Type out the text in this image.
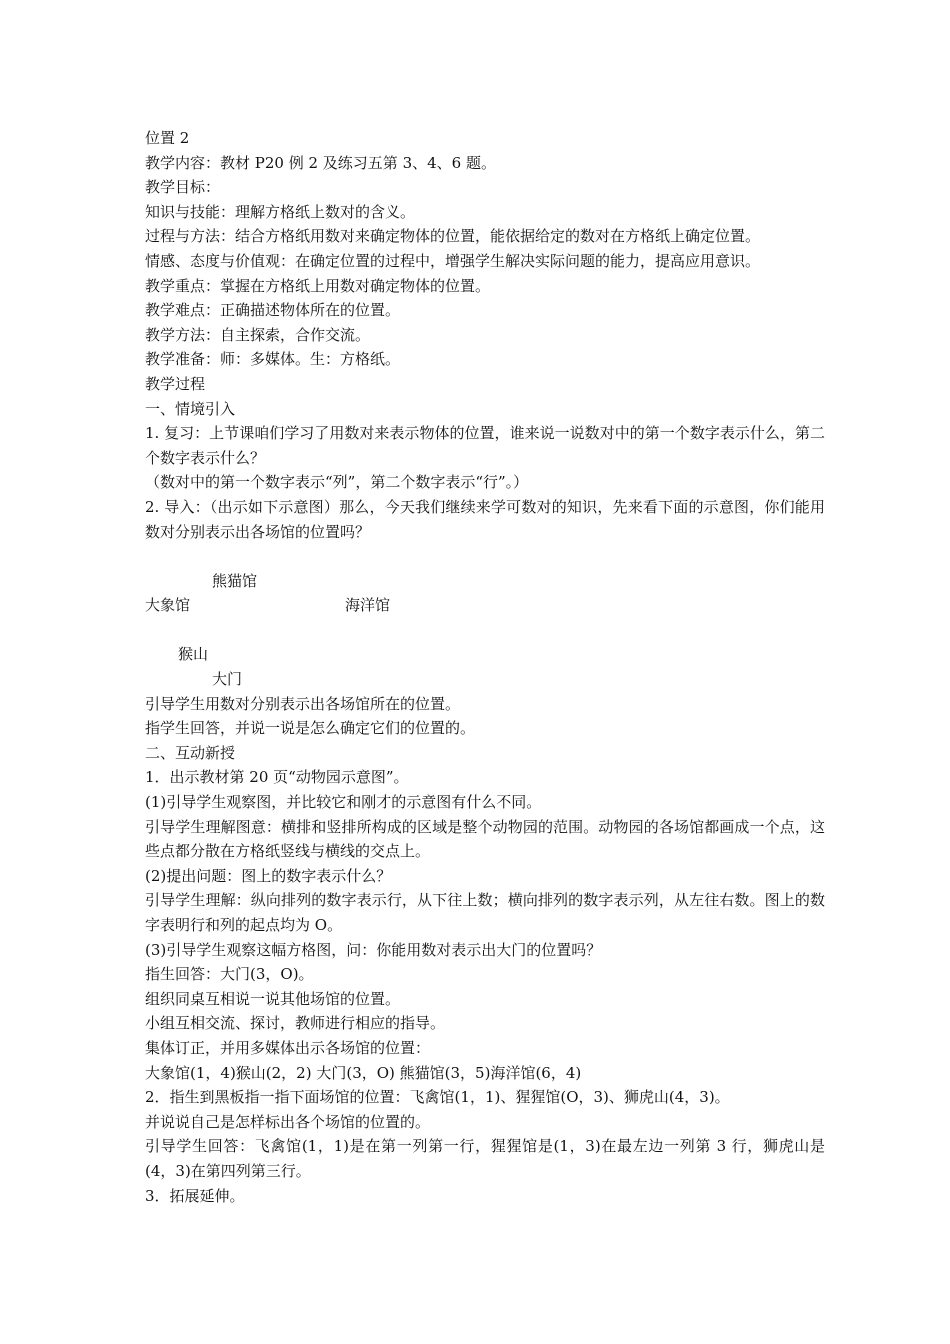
位置 2
教学内容：教材 P20 例 2 及练习五第 3、4、6 题。
教学目标：
知识与技能：理解方格纸上数对的含义。
过程与方法：结合方格纸用数对来确定物体的位置，能依据给定的数对在方格纸上确定位置。
情感、态度与价值观：在确定位置的过程中，增强学生解决实际问题的能力，提高应用意识。
教学重点：掌握在方格纸上用数对确定物体的位置。
教学难点：正确描述物体所在的位置。
教学方法：自主探索，合作交流。
教学准备：师：多媒体。生：方格纸。
教学过程
一、情境引入
1. 复习：上节课咱们学习了用数对来表示物体的位置，谁来说一说数对中的第一个数字表示什么，第二个数字表示什么？
（数对中的第一个数字表示“列”，第二个数字表示“行”。）
2. 导入：（出示如下示意图）那么，今天我们继续来学可数对的知识，先来看下面的示意图，你们能用数对分别表示出各场馆的位置吗？
熊猫馆
大象馆	海洋馆
猴山
大门
引导学生用数对分别表示出各场馆所在的位置。
指学生回答，并说一说是怎么确定它们的位置的。
二、互动新授
1．出示教材第 20 页“动物园示意图”。
(1)引导学生观察图，并比较它和刚才的示意图有什么不同。
引导学生理解图意：横排和竖排所构成的区域是整个动物园的范围。动物园的各场馆都画成一个点，这些点都分散在方格纸竖线与横线的交点上。
(2)提出问题：图上的数字表示什么？
引导学生理解：纵向排列的数字表示行，从下往上数；横向排列的数字表示列，从左往右数。图上的数字表明行和列的起点均为 O。
(3)引导学生观察这幅方格图，问：你能用数对表示出大门的位置吗？
指生回答：大门(3，O)。
组织同桌互相说一说其他场馆的位置。
小组互相交流、探讨，教师进行相应的指导。
集体订正，并用多媒体出示各场馆的位置：
大象馆(1，4)猴山(2，2) 大门(3，O) 熊猫馆(3，5)海洋馆(6，4)
2．指生到黑板指一指下面场馆的位置：飞禽馆(1，1)、猩猩馆(O，3)、狮虎山(4，3)。
并说说自己是怎样标出各个场馆的位置的。
引导学生回答：飞禽馆(1，1)是在第一列第一行，猩猩馆是(1，3)在最左边一列第 3 行，狮虎山是(4，3)在第四列第三行。
3．拓展延伸。
